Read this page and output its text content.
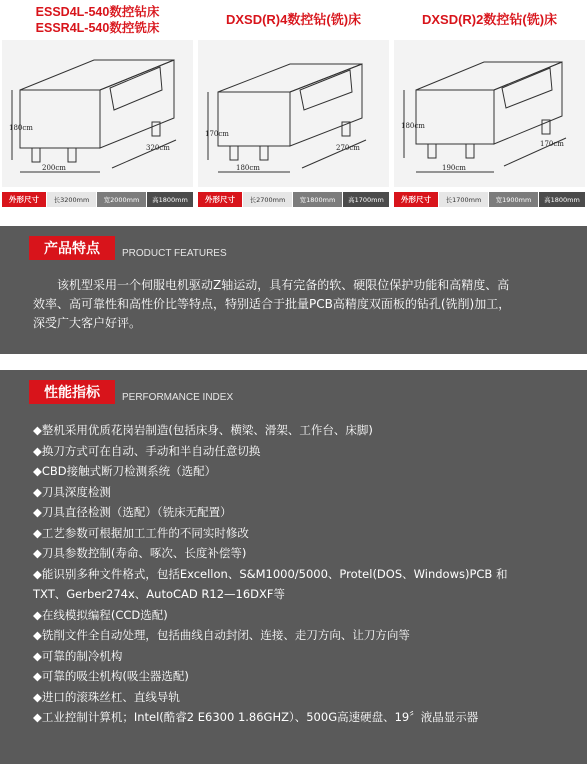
ESSD4L-540数控钻床
ESSR4L-540数控铣床
180cm
200cm
320cm
外形尺寸	长3200mm	宽2000mm	高1800mm
DXSD(R)4数控钻(铣)床
170cm
180cm
270cm
外形尺寸	长2700mm	宽1800mm	高1700mm
DXSD(R)2数控钻(铣)床
180cm
190cm
170cm
外形尺寸	长1700mm	宽1900mm	高1800mm
产品特点	PRODUCT FEATURES
该机型采用一个伺服电机驱动Z轴运动，具有完备的软、硬限位保护功能和高精度、高
效率、高可靠性和高性价比等特点，特别适合于批量PCB高精度双面板的钻孔(铣削)加工，
深受广大客户好评。
性能指标	PERFORMANCE INDEX
◆整机采用优质花岗岩制造(包括床身、横梁、滑架、工作台、床脚)
◆换刀方式可在自动、手动和半自动任意切换
◆CBD接触式断刀检测系统（选配）
◆刀具深度检测
◆刀具直径检测（选配）（铣床无配置）
◆工艺参数可根据加工工件的不同实时修改
◆刀具参数控制(寿命、啄次、长度补偿等)
◆能识别多种文件格式，包括Excellon、S&M1000/5000、Protel(DOS、Windows)PCB 和
TXT、Gerber274x、AutoCAD R12—16DXF等
◆在线模拟编程(CCD选配)
◆铣削文件全自动处理，包括曲线自动封闭、连接、走刀方向、让刀方向等
◆可靠的制冷机构
◆可靠的吸尘机构(吸尘器选配)
◆进口的滚珠丝杠、直线导轨
◆工业控制计算机；Intel(酷睿2 E6300 1.86GHZ）、500G高速硬盘、19〞液晶显示器
